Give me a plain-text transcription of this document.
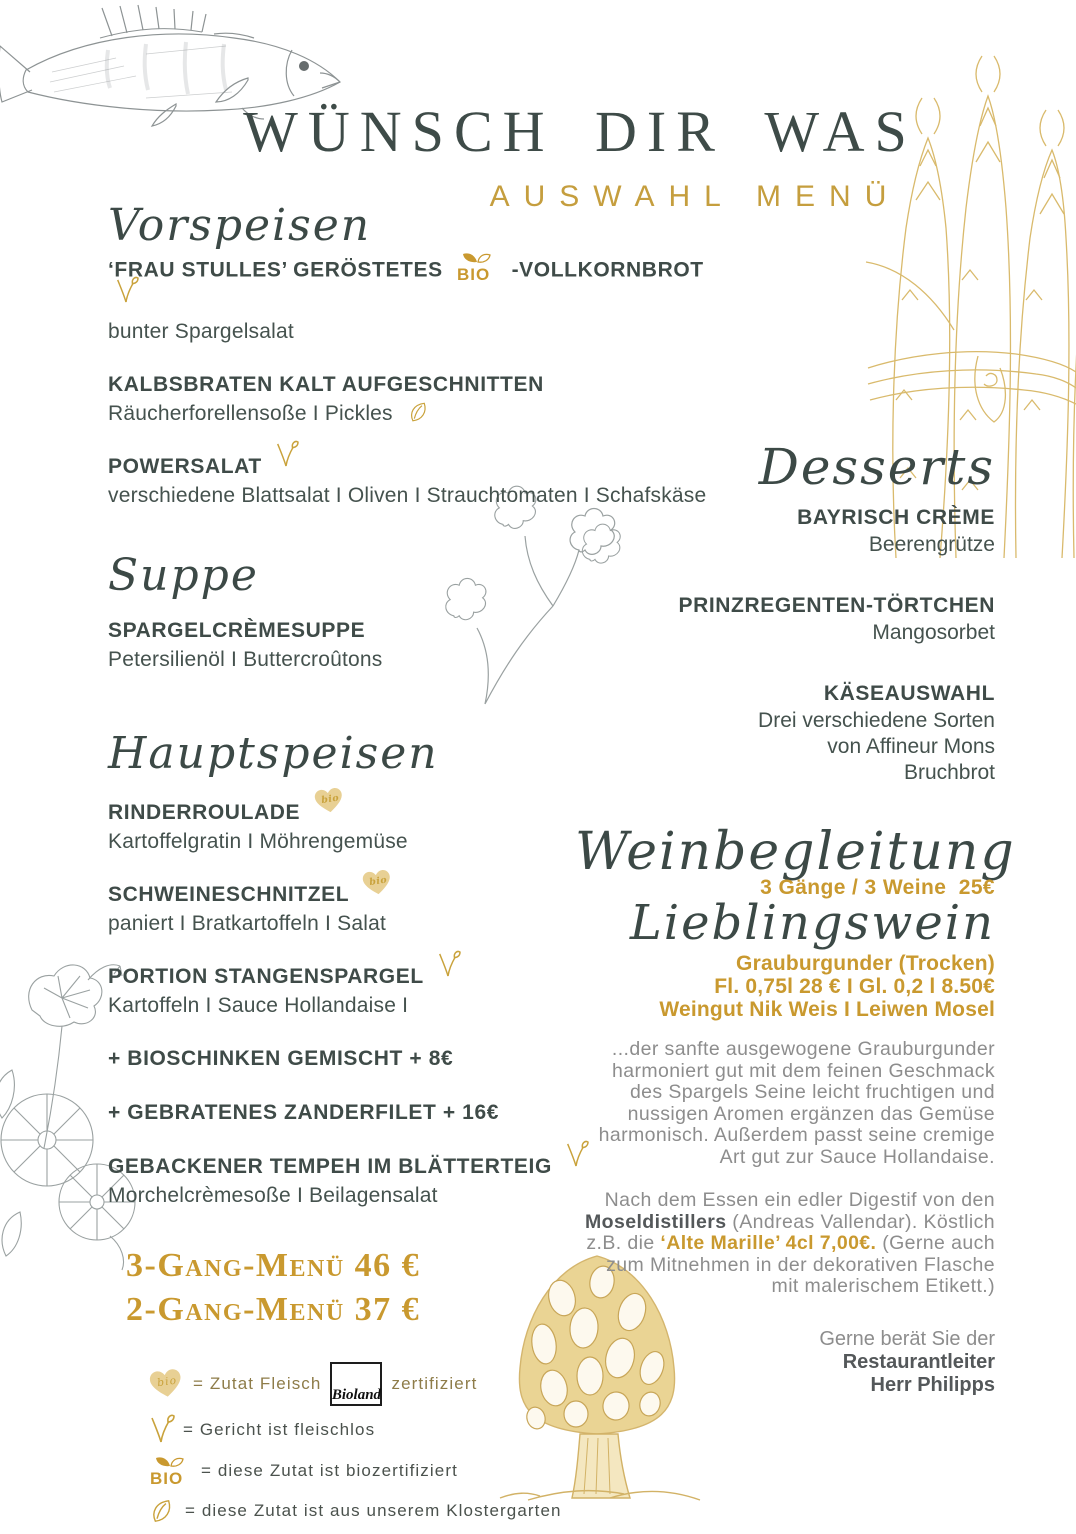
WÜNSCH DIR WAS
AUSWAHL MENÜ
Vorspeisen
‘FRAU STULLES’ GERÖSTETES BIO -VOLLKORNBROT
bunter Spargelsalat
KALBSBRATEN KALT AUFGESCHNITTEN
Räucherforellensoße I Pickles
POWERSALAT
verschiedene Blattsalat I Oliven I Strauchtomaten I Schafskäse
Suppe
SPARGELCRÈMESUPPE
Petersilienöl I Buttercroûtons
Hauptspeisen
RINDERROULADE
bio
Kartoffelgratin I Möhrengemüse
SCHWEINESCHNITZEL
bio
paniert I Bratkartoffeln I Salat
PORTION STANGENSPARGEL
Kartoffeln I Sauce Hollandaise I
+ BIOSCHINKEN GEMISCHT + 8€
+ GEBRATENES ZANDERFILET + 16€
GEBACKENER TEMPEH IM BLÄTTERTEIG
Morchelcrèmesoße I Beilagensalat
3-Gang-Menü 46 €
2-Gang-Menü 37 €
bio = Zutat Fleisch
Bioland
zertifiziert
= Gericht ist fleischlos
BIO = diese Zutat ist biozertifiziert
= diese Zutat ist aus unserem Klostergarten
Desserts
BAYRISCH CRÈME
Beerengrütze
PRINZREGENTEN-TÖRTCHEN
Mangosorbet
KÄSEAUSWAHL
Drei verschiedene Sorten
von Affineur Mons
Bruchbrot
Weinbegleitung
3 Gänge / 3 Weine  25€
Lieblingswein
Grauburgunder (Trocken)
Fl. 0,75l 28 € I Gl. 0,2 l 8.50€
Weingut Nik Weis I Leiwen Mosel
...der sanfte ausgewogene Grauburgunder harmoniert gut mit dem feinen Geschmack des Spargels Seine leicht fruchtigen und nussigen Aromen ergänzen das Gemüse harmonisch. Außerdem passt seine cremige Art gut zur Sauce Hollandaise.
Nach dem Essen ein edler Digestif von den Moseldistillers (Andreas Vallendar). Köstlich z.B. die ‘Alte Marille’ 4cl 7,00€. (Gerne auch zum Mitnehmen in der dekorativen Flasche mit malerischem Etikett.)
Gerne berät Sie der
Restaurantleiter
Herr Philipps
